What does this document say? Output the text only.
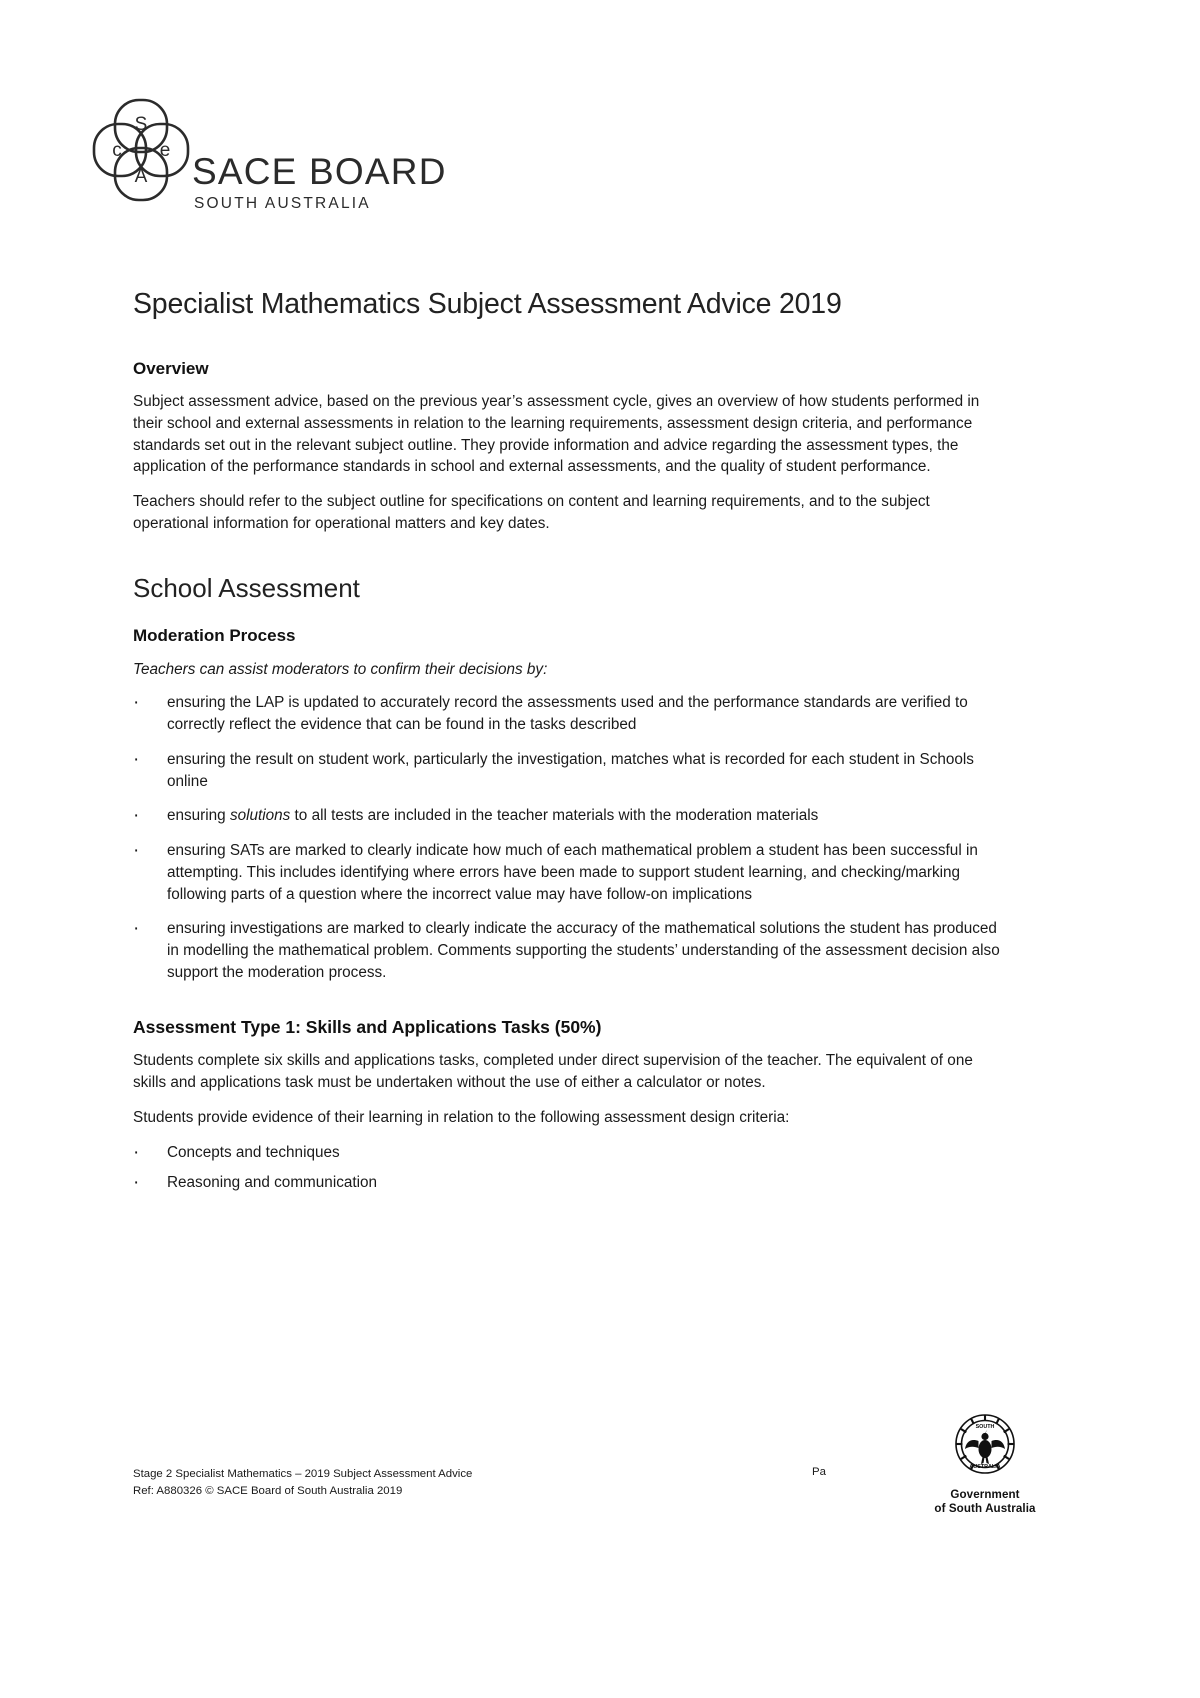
S
c e
A SACE BOARD
SOUTH AUSTRALIA
Specialist Mathematics Subject Assessment Advice 2019
Overview

Subject assessment advice, based on the previous year’s assessment cycle, gives an overview of how students performed in their school and external assessments in relation to the learning requirements, assessment design criteria, and performance standards set out in the relevant subject outline. They provide information and advice regarding the assessment types, the application of the performance standards in school and external assessments, and the quality of student performance.

Teachers should refer to the subject outline for specifications on content and learning requirements, and to the subject operational information for operational matters and key dates.

School Assessment
Moderation Process

Teachers can assist moderators to confirm their decisions by:

· ensuring the LAP is updated to accurately record the assessments used and the performance standards are verified to correctly reflect the evidence that can be found in the tasks described
· ensuring the result on student work, particularly the investigation, matches what is recorded for each student in Schools online
· ensuring solutions to all tests are included in the teacher materials with the moderation materials
· ensuring SATs are marked to clearly indicate how much of each mathematical problem a student has been successful in attempting. This includes identifying where errors have been made to support student learning, and checking/marking following parts of a question where the incorrect value may have follow-on implications
· ensuring investigations are marked to clearly indicate the accuracy of the mathematical solutions the student has produced in modelling the mathematical problem. Comments supporting the students’ understanding of the assessment decision also support the moderation process.
Assessment Type 1: Skills and Applications Tasks (50%)

Students complete six skills and applications tasks, completed under direct supervision of the teacher. The equivalent of one skills and applications task must be undertaken without the use of either a calculator or notes.

Students provide evidence of their learning in relation to the following assessment design criteria:

· Concepts and techniques
· Reasoning and communication
Stage 2 Specialist Mathematics – 2019 Subject Assessment Advice
Ref: A880326 © SACE Board of South Australia 2019
Pa
SOUTH
AUSTRALIA
Government
of South Australia
